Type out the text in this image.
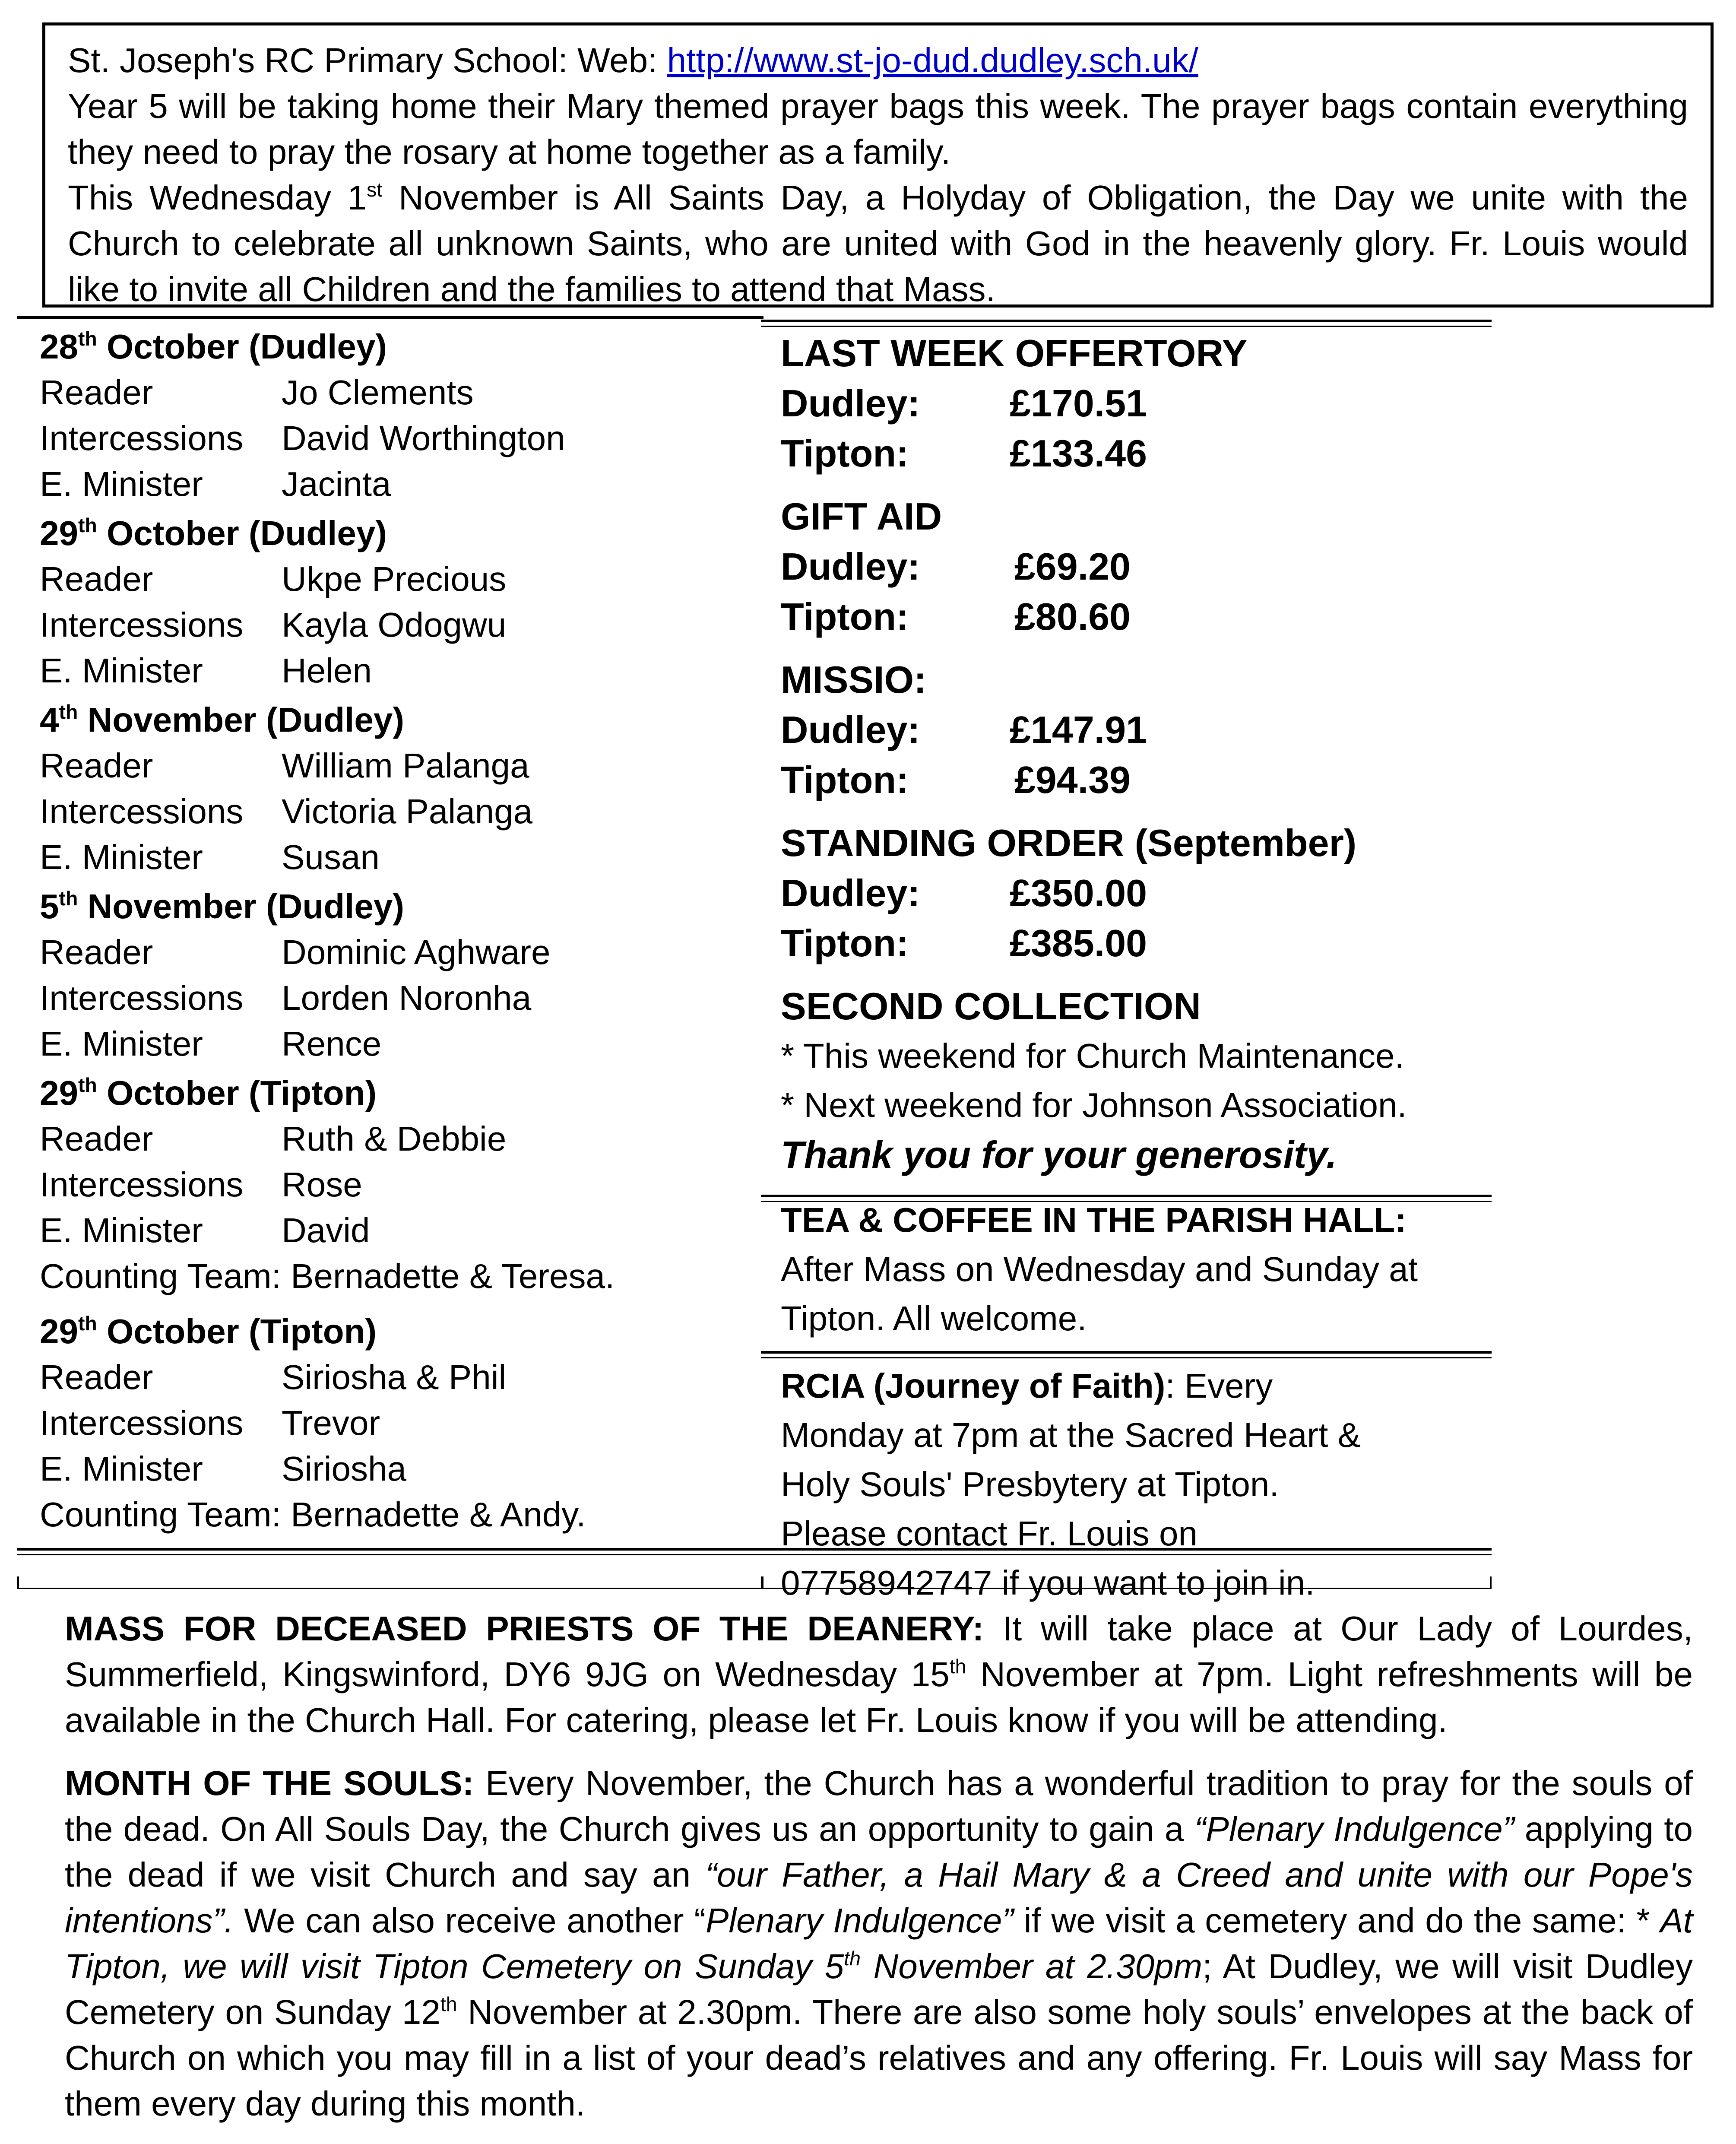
St. Joseph's RC Primary School: Web: http://www.st-jo-dud.dudley.sch.uk/

Year 5 will be taking home their Mary themed prayer bags this week. The prayer bags contain everything they need to pray the rosary at home together as a family.

This Wednesday 1st November is All Saints Day, a Holyday of Obligation, the Day we unite with the Church to celebrate all unknown Saints, who are united with God in the heavenly glory. Fr. Louis would like to invite all Children and the families to attend that Mass.

28th October (Dudley)
Reader	Jo Clements
Intercessions	David Worthington
E. Minister	Jacinta
29th October (Dudley)
Reader	Ukpe Precious
Intercessions	Kayla Odogwu
E. Minister	Helen
4th November (Dudley)
Reader	William Palanga
Intercessions	Victoria Palanga
E. Minister	Susan
5th November (Dudley)
Reader	Dominic Aghware
Intercessions	Lorden Noronha
E. Minister	Rence
29th October (Tipton)
Reader	Ruth & Debbie
Intercessions	Rose
E. Minister	David
Counting Team: Bernadette & Teresa.
29th October (Tipton)
Reader	Siriosha & Phil
Intercessions	Trevor
E. Minister	Siriosha
Counting Team: Bernadette & Andy.
LAST WEEK OFFERTORY
Dudley:	£170.51
Tipton:	£133.46
GIFT AID
Dudley:	£69.20
Tipton:	£80.60
MISSIO:
Dudley:	£147.91
Tipton:	£94.39
STANDING ORDER (September)
Dudley:	£350.00
Tipton:	£385.00
SECOND COLLECTION
* This weekend for Church Maintenance.
* Next weekend for Johnson Association.
Thank you for your generosity.
TEA & COFFEE IN THE PARISH HALL: After Mass on Wednesday and Sunday at Tipton. All welcome.
RCIA (Journey of Faith): Every Monday at 7pm at the Sacred Heart & Holy Souls' Presbytery at Tipton. Please contact Fr. Louis on 07758942747 if you want to join in.

MASS FOR DECEASED PRIESTS OF THE DEANERY: It will take place at Our Lady of Lourdes, Summerfield, Kingswinford, DY6 9JG on Wednesday 15th November at 7pm. Light refreshments will be available in the Church Hall. For catering, please let Fr. Louis know if you will be attending.

MONTH OF THE SOULS: Every November, the Church has a wonderful tradition to pray for the souls of the dead. On All Souls Day, the Church gives us an opportunity to gain a “Plenary Indulgence” applying to the dead if we visit Church and say an “our Father, a Hail Mary & a Creed and unite with our Pope's intentions”. We can also receive another “Plenary Indulgence” if we visit a cemetery and do the same: * At Tipton, we will visit Tipton Cemetery on Sunday 5th November at 2.30pm; At Dudley, we will visit Dudley Cemetery on Sunday 12th November at 2.30pm. There are also some holy souls’ envelopes at the back of Church on which you may fill in a list of your dead’s relatives and any offering. Fr. Louis will say Mass for them every day during this month.
